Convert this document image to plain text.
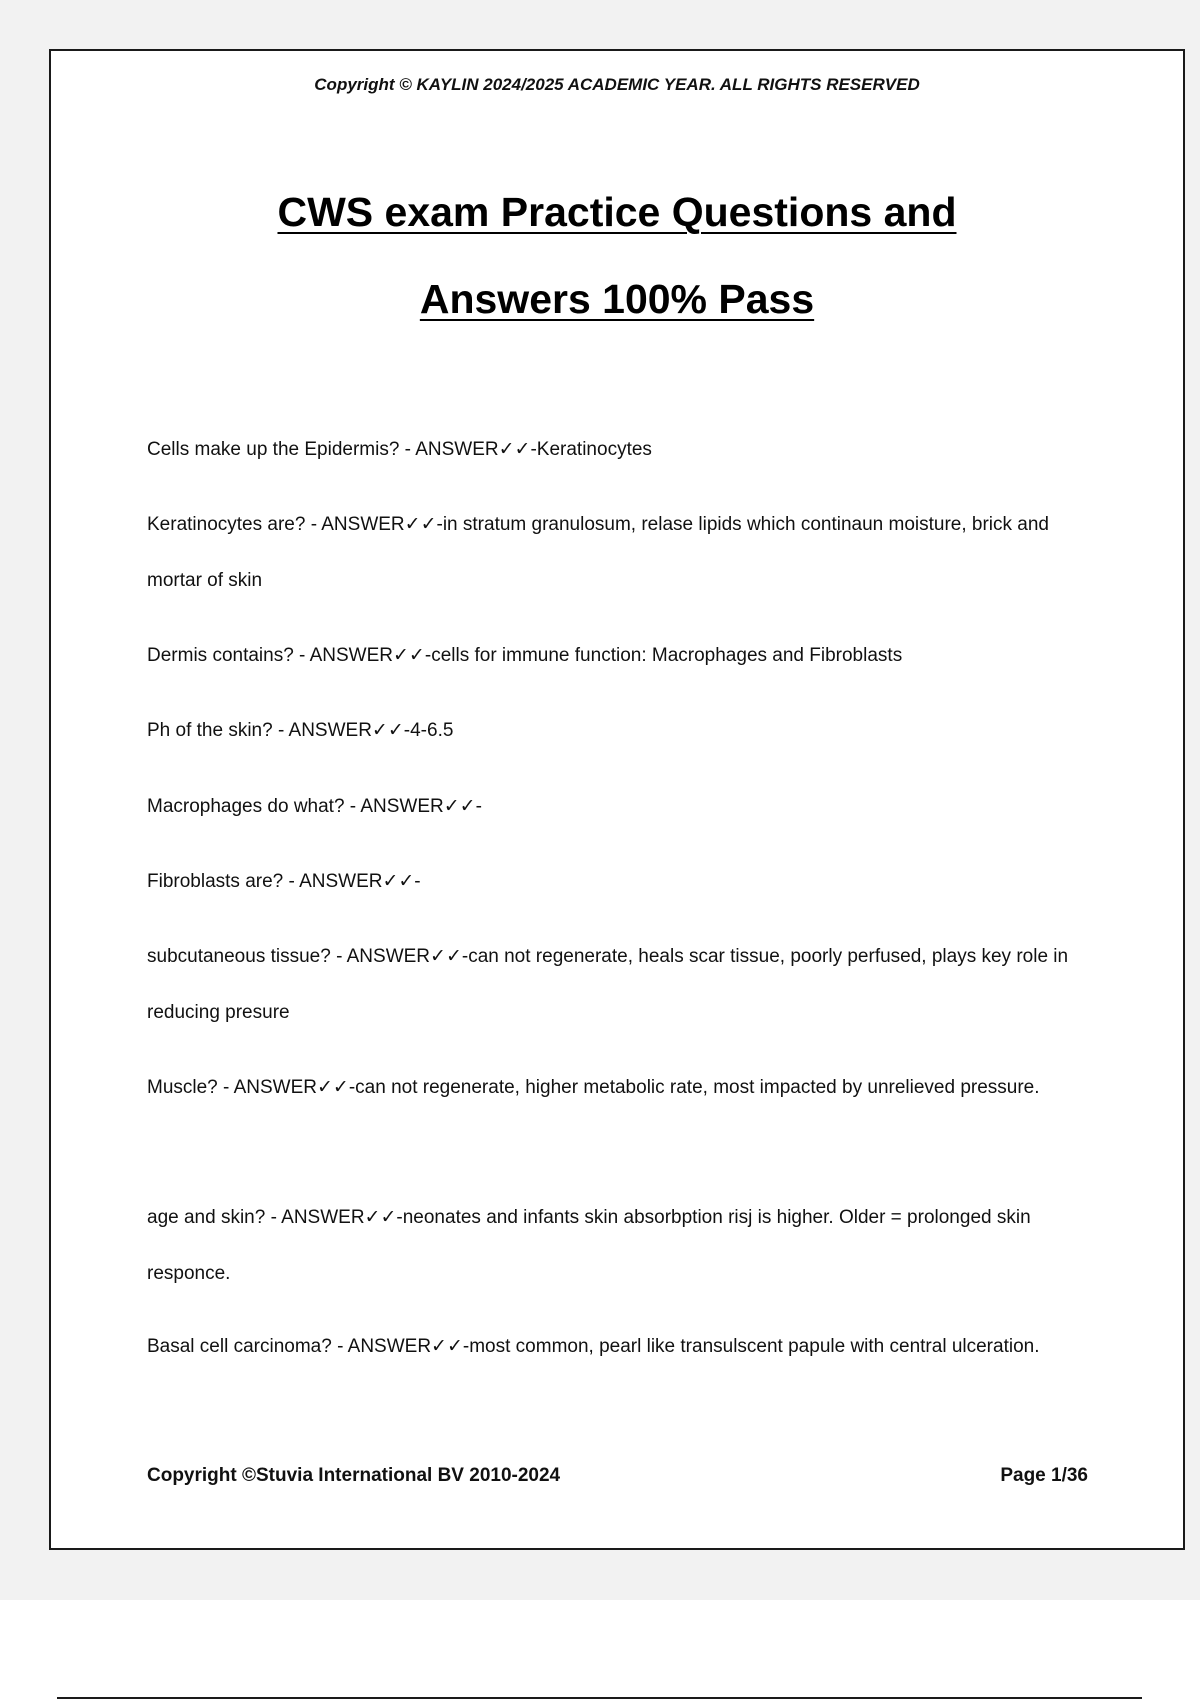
Copyright © KAYLIN 2024/2025 ACADEMIC YEAR. ALL RIGHTS RESERVED
CWS exam Practice Questions and
Answers 100% Pass
Cells make up the Epidermis? - ANSWER✓✓-Keratinocytes
Keratinocytes are? - ANSWER✓✓-in stratum granulosum, relase lipids which continaun moisture, brick and mortar of skin
Dermis contains? - ANSWER✓✓-cells for immune function: Macrophages and Fibroblasts
Ph of the skin? - ANSWER✓✓-4-6.5
Macrophages do what? - ANSWER✓✓-
Fibroblasts are? - ANSWER✓✓-
subcutaneous tissue? - ANSWER✓✓-can not regenerate, heals scar tissue, poorly perfused, plays key role in reducing presure
Muscle? - ANSWER✓✓-can not regenerate, higher metabolic rate, most impacted by unrelieved pressure.
age and skin? - ANSWER✓✓-neonates and infants skin absorbption risj is higher. Older = prolonged skin responce.
Basal cell carcinoma? - ANSWER✓✓-most common, pearl like transulscent papule with central ulceration.
Copyright ©Stuvia International BV 2010-2024	Page 1/36
